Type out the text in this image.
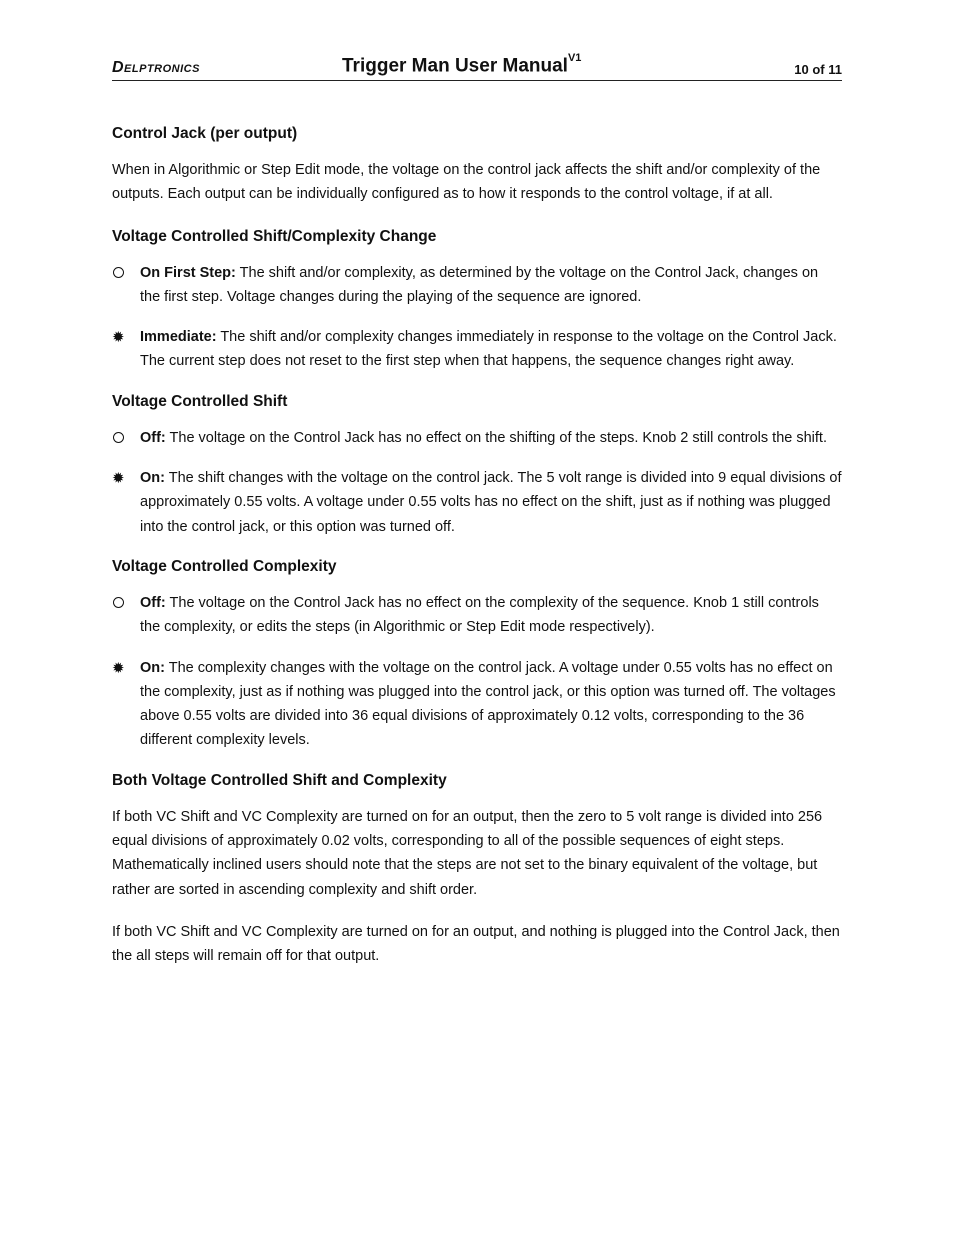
Delptronics	Trigger Man User Manual$^{V1}$
10 of 11
Control Jack (per output)

When in Algorithmic or Step Edit mode, the voltage on the control jack affects the shift and/or complexity of the outputs. Each output can be individually configured as to how it responds to the control voltage, if at all.

Voltage Controlled Shift/Complexity Change
On First Step: The shift and/or complexity, as determined by the voltage on the Control Jack, changes on the first step. Voltage changes during the playing of the sequence are ignored.
✹ Immediate: The shift and/or complexity changes immediately in response to the voltage on the Control Jack. The current step does not reset to the first step when that happens, the sequence changes right away.
Voltage Controlled Shift
Off: The voltage on the Control Jack has no effect on the shifting of the steps. Knob 2 still controls the shift.
✹ On: The shift changes with the voltage on the control jack. The 5 volt range is divided into 9 equal divisions of approximately 0.55 volts. A voltage under 0.55 volts has no effect on the shift, just as if nothing was plugged into the control jack, or this option was turned off.
Voltage Controlled Complexity
Off: The voltage on the Control Jack has no effect on the complexity of the sequence. Knob 1 still controls the complexity, or edits the steps (in Algorithmic or Step Edit mode respectively).
✹ On: The complexity changes with the voltage on the control jack. A voltage under 0.55 volts has no effect on the complexity, just as if nothing was plugged into the control jack, or this option was turned off. The voltages above 0.55 volts are divided into 36 equal divisions of approximately 0.12 volts, corresponding to the 36 different complexity levels.
Both Voltage Controlled Shift and Complexity

If both VC Shift and VC Complexity are turned on for an output, then the zero to 5 volt range is divided into 256 equal divisions of approximately 0.02 volts, corresponding to all of the possible sequences of eight steps. Mathematically inclined users should note that the steps are not set to the binary equivalent of the voltage, but rather are sorted in ascending complexity and shift order.

If both VC Shift and VC Complexity are turned on for an output, and nothing is plugged into the Control Jack, then the all steps will remain off for that output.
